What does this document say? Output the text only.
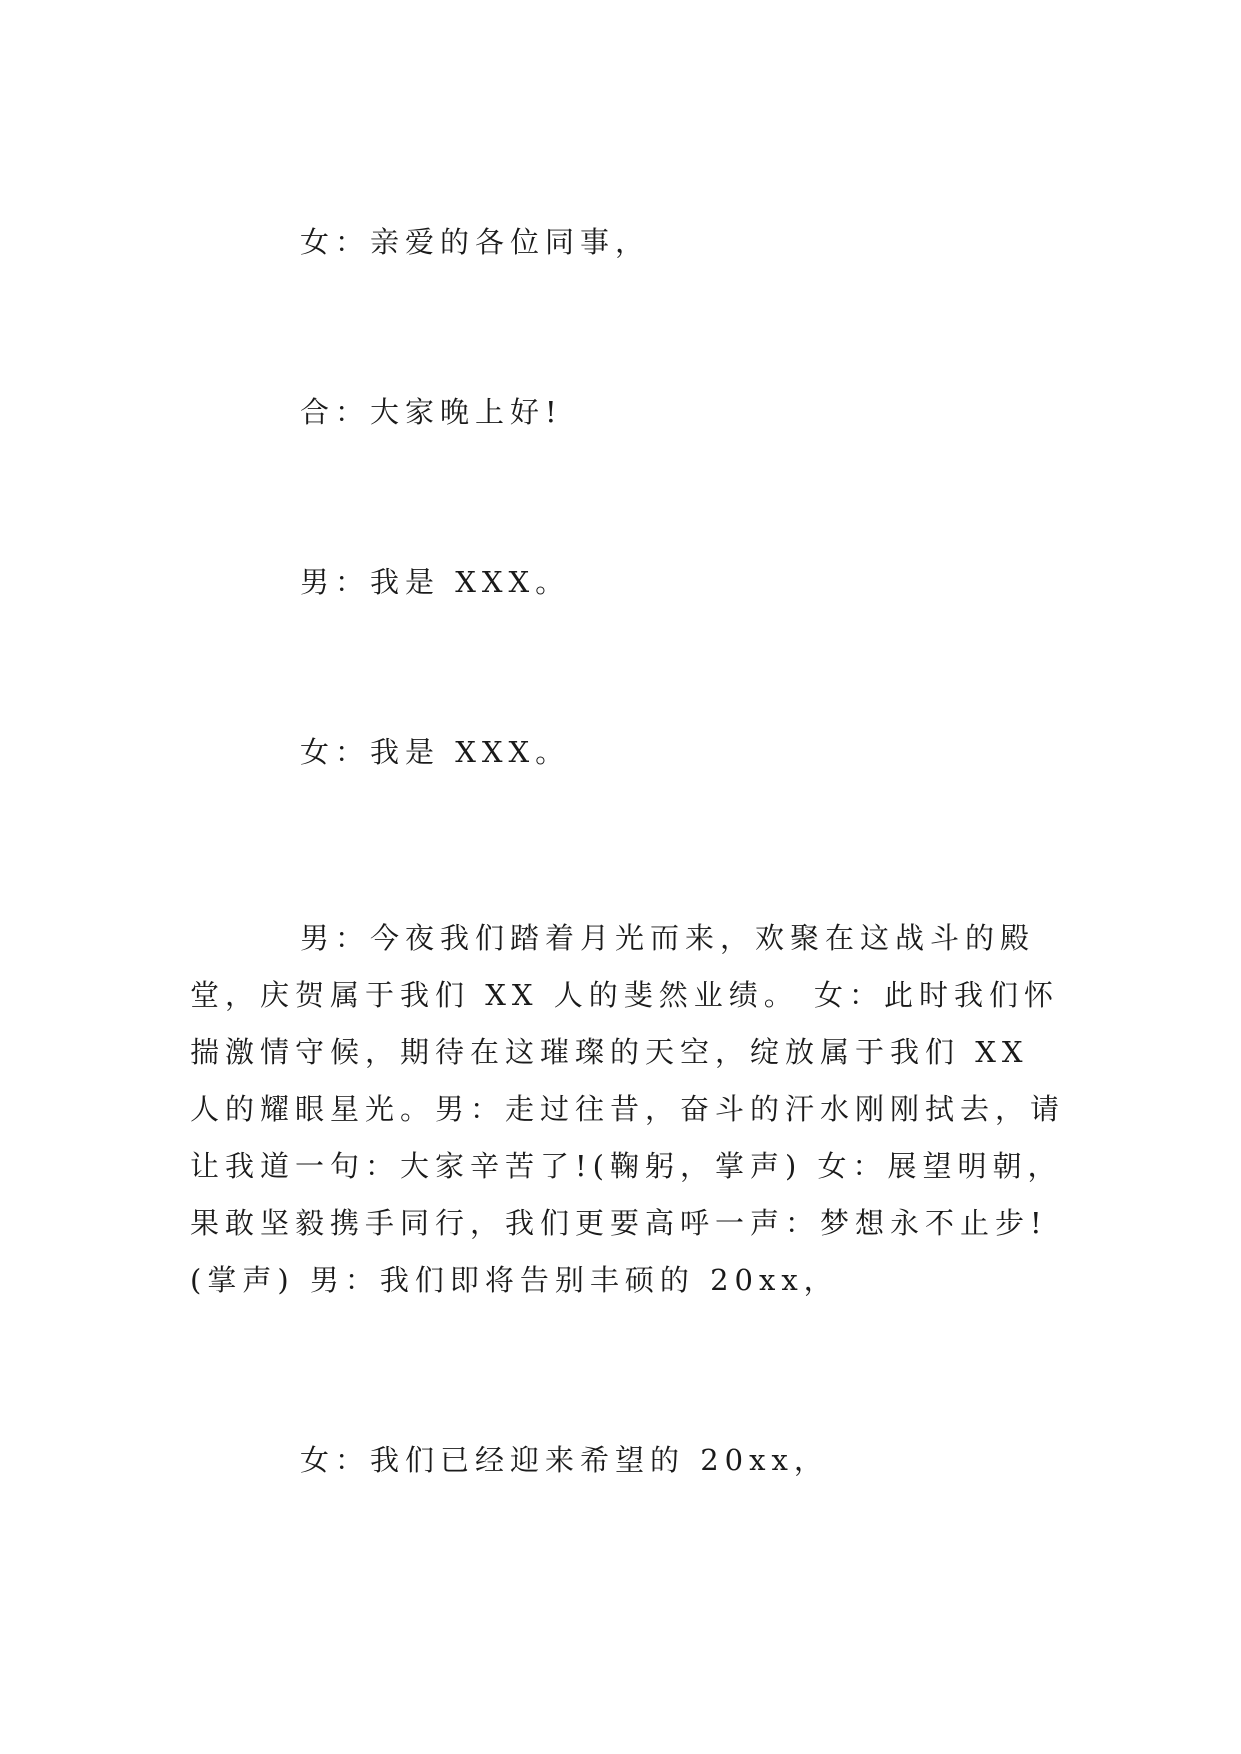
女：亲爱的各位同事，
合：大家晚上好!
男：我是 XXX。
女：我是 XXX。
男：今夜我们踏着月光而来，欢聚在这战斗的殿堂，庆贺属于我们 XX 人的斐然业绩。 女：此时我们怀揣激情守候，期待在这璀璨的天空，绽放属于我们 XX 人的耀眼星光。男：走过往昔，奋斗的汗水刚刚拭去，请让我道一句：大家辛苦了!(鞠躬，掌声) 女：展望明朝，果敢坚毅携手同行，我们更要高呼一声：梦想永不止步!(掌声) 男：我们即将告别丰硕的 20xx，
女：我们已经迎来希望的 20xx，
